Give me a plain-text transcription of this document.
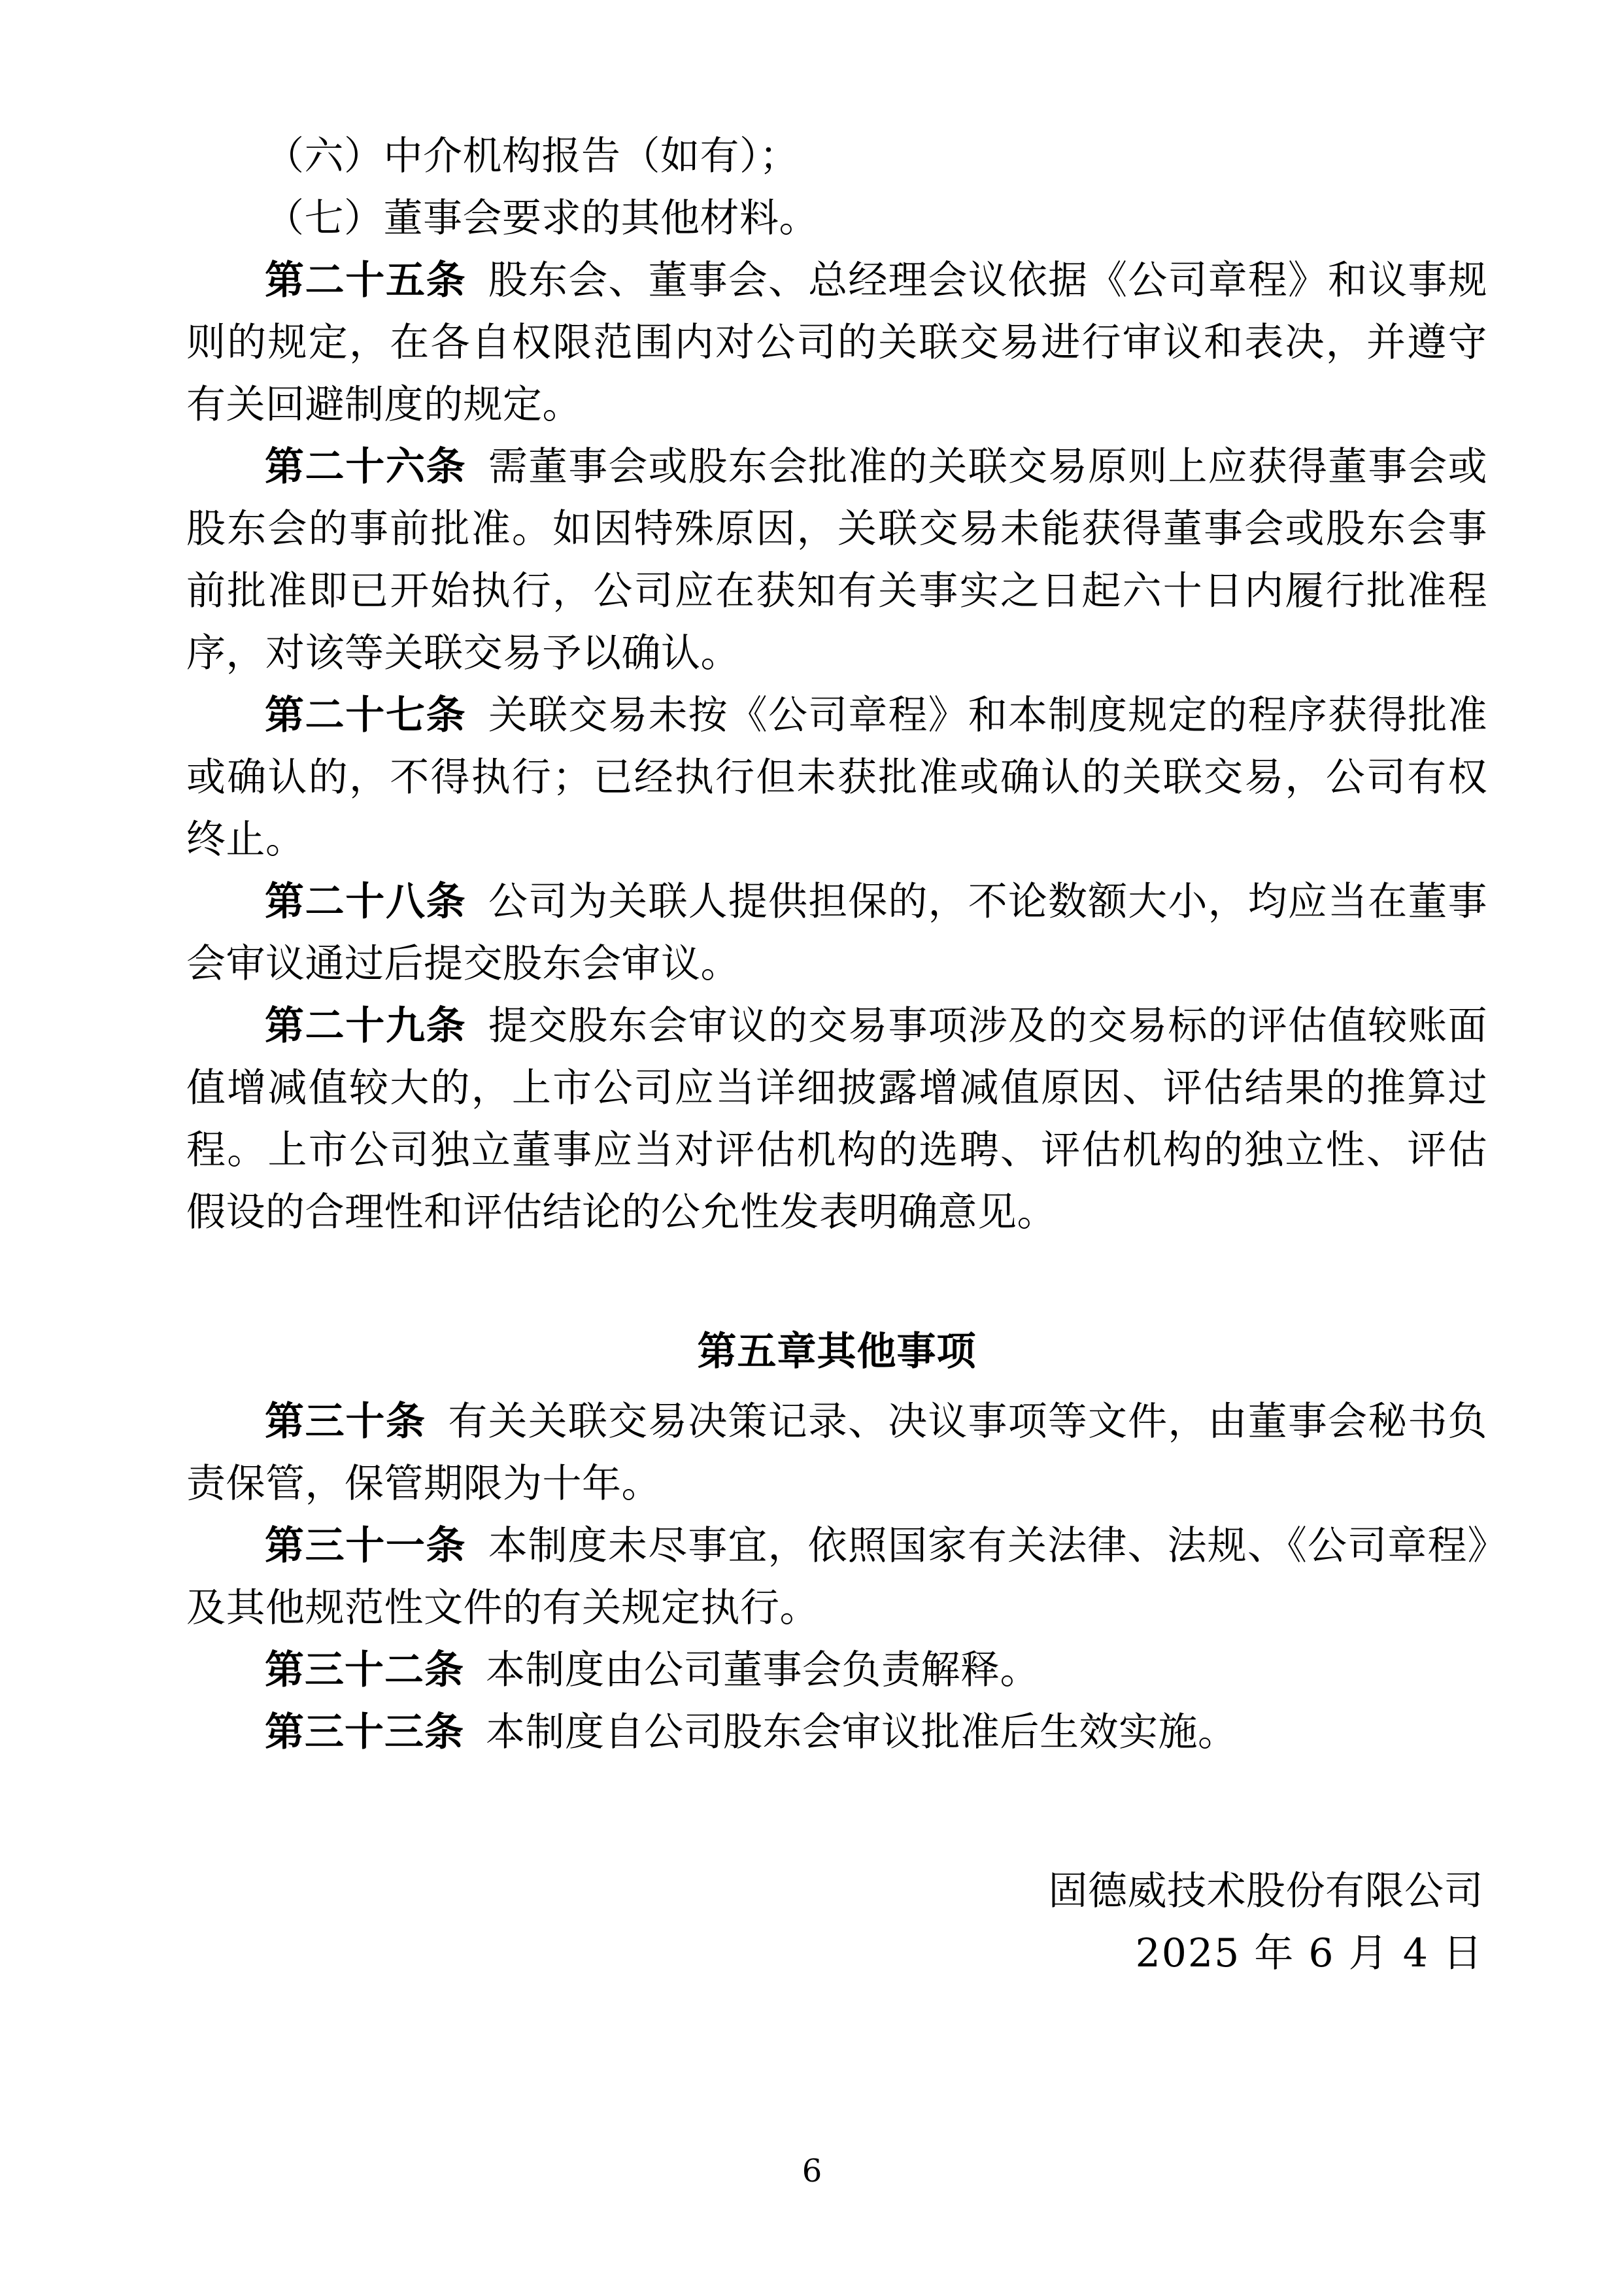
（六）中介机构报告（如有）；

（七）董事会要求的其他材料。

第二十五条 股东会、董事会、总经理会议依据《公司章程》和议事规则的规定，在各自权限范围内对公司的关联交易进行审议和表决，并遵守有关回避制度的规定。

第二十六条 需董事会或股东会批准的关联交易原则上应获得董事会或股东会的事前批准。如因特殊原因，关联交易未能获得董事会或股东会事前批准即已开始执行，公司应在获知有关事实之日起六十日内履行批准程序，对该等关联交易予以确认。

第二十七条 关联交易未按《公司章程》和本制度规定的程序获得批准或确认的，不得执行；已经执行但未获批准或确认的关联交易，公司有权终止。

第二十八条 公司为关联人提供担保的，不论数额大小，均应当在董事会审议通过后提交股东会审议。

第二十九条 提交股东会审议的交易事项涉及的交易标的评估值较账面值增减值较大的，上市公司应当详细披露增减值原因、评估结果的推算过程。上市公司独立董事应当对评估机构的选聘、评估机构的独立性、评估假设的合理性和评估结论的公允性发表明确意见。

第五章其他事项

第三十条 有关关联交易决策记录、决议事项等文件，由董事会秘书负责保管，保管期限为十年。

第三十一条 本制度未尽事宜，依照国家有关法律、法规、《公司章程》及其他规范性文件的有关规定执行。

第三十二条 本制度由公司董事会负责解释。

第三十三条 本制度自公司股东会审议批准后生效实施。

固德威技术股份有限公司
2025 年 6 月 4 日
6
